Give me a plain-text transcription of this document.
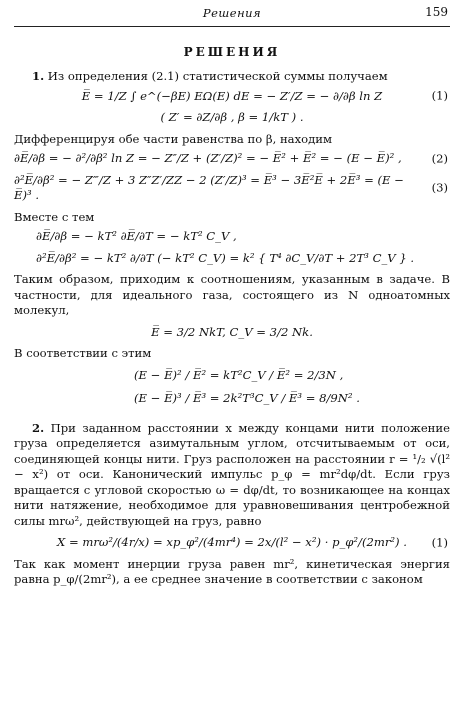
Решения	159
РЕШЕНИЯ

1. Из определения (2.1) статистической суммы получаем

E̅ = 1/Z ∫ e^(−βE) EΩ(E) dE = − Z′/Z = − ∂/∂β ln Z	(1)
( Z′ = ∂Z/∂β , β = 1/kT ) .

Дифференцируя обе части равенства по β, находим

∂E̅/∂β = − ∂²/∂β² ln Z = − Z″/Z + (Z′/Z)² = − E̅² + E̅² = − (E − E̅)² ,	(2)
∂²E̅/∂β² = − Z‴/Z + 3 Z″Z′/ZZ − 2 (Z′/Z)³ = E̅³ − 3E̅²E̅ + 2E̅³ = (E − E̅)³ .
(3)

Вместе с тем

∂E̅/∂β = − kT² ∂E̅/∂T = − kT² C_V ,
∂²E̅/∂β² = − kT² ∂/∂T (− kT² C_V) = k² { T⁴ ∂C_V/∂T + 2T³ C_V } .

Таким образом, приходим к соотношениям, указанным в задаче. В частности, для идеального газа, состоящего из N одноатомных молекул,

E̅ = 3/2 NkT, C_V = 3/2 Nk.

В соответствии с этим

(E − E̅)² / E̅² = kT²C_V / E̅² = 2/3N ,
(E − E̅)³ / E̅³ = 2k²T³C_V / E̅³ = 8/9N² .

2. При заданном расстоянии x между концами нити положение груза определяется азимутальным углом, отсчитываемым от оси, соединяющей концы нити. Груз расположен на расстоянии r = ¹/₂ √(l² − x²) от оси. Канонический импульс p_φ = mr²dφ/dt. Если груз вращается с угловой скоростью ω = dφ/dt, то возникающее на концах нити натяжение, необходимое для уравновешивания центробежной силы mrω², действующей на груз, равно

X = mrω²/(4r/x) = xp_φ²/(4mr⁴) = 2x/(l² − x²) · p_φ²/(2mr²) .	(1)

Так как момент инерции груза равен mr², кинетическая энергия равна p_φ/(2mr²), а ее среднее значение в соответствии с законом
